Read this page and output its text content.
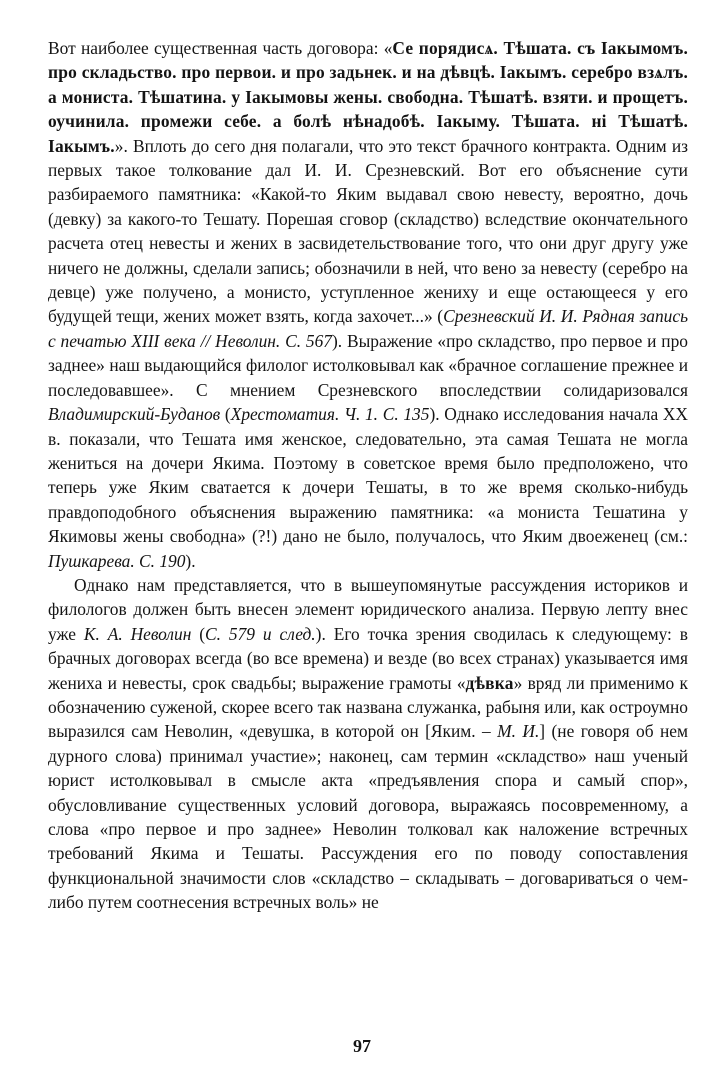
Вот наиболее существенная часть договора: «Се порядисѧ. Тѣшата. съ Iакымомъ. про складьство. про первои. и про задьнек. и на дѣвцѣ. Iакымъ. серебро взѧлъ. а мониста. Тѣшатина. у Iакымовы жены. свободна. Тѣшатѣ. взяти. и прощетъ. оучинила. промежи себе. а болѣ нѣнадобѣ. Iакыму. Тѣшата. нi Тѣшатѣ. Iакымъ.». Вплоть до сего дня полагали, что это текст брачного контракта. Одним из первых такое толкование дал И. И. Срезневский. Вот его объяснение сути разбираемого памятника: «Какой-то Яким выдавал свою невесту, вероятно, дочь (девку) за какого-то Тешату. Порешая сговор (складство) вследствие окончательного расчета отец невесты и жених в засвидетельствование того, что они друг другу уже ничего не должны, сделали запись; обозначили в ней, что вено за невесту (серебро на девце) уже получено, а монисто, уступленное жениху и еще остающееся у его будущей тещи, жених может взять, когда захочет...» (Срезневский И. И. Рядная запись с печатью XIII века // Неволин. С. 567). Выражение «про складство, про первое и про заднее» наш выдающийся филолог истолковывал как «брачное соглашение прежнее и последовавшее». С мнением Срезневского впоследствии солидаризовался Владимирский-Буданов (Хрестоматия. Ч. 1. С. 135). Однако исследования начала XX в. показали, что Тешата имя женское, следовательно, эта самая Тешата не могла жениться на дочери Якима. Поэтому в советское время было предположено, что теперь уже Яким сватается к дочери Тешаты, в то же время сколько-нибудь правдоподобного объяснения выражению памятника: «а мониста Тешатина у Якимовы жены свободна» (?!) дано не было, получалось, что Яким двоеженец (см.: Пушкарева. С. 190).

Однако нам представляется, что в вышеупомянутые рассуждения историков и филологов должен быть внесен элемент юридического анализа. Первую лепту внес уже К. А. Неволин (С. 579 и след.). Его точка зрения сводилась к следующему: в брачных договорах всегда (во все времена) и везде (во всех странах) указывается имя жениха и невесты, срок свадьбы; выражение грамоты «дѣвка» вряд ли применимо к обозначению суженой, скорее всего так названа служанка, рабыня или, как остроумно выразился сам Неволин, «девушка, в которой он [Яким. – М. И.] (не говоря об нем дурного слова) принимал участие»; наконец, сам термин «складство» наш ученый юрист истолковывал в смысле акта «предъявления спора и самый спор», обусловливание существенных условий договора, выражаясь посовременному, а слова «про первое и про заднее» Неволин толковал как наложение встречных требований Якима и Тешаты. Рассуждения его по поводу сопоставления функциональной значимости слов «складство – складывать – договариваться о чем-либо путем соотнесения встречных воль» не

97
